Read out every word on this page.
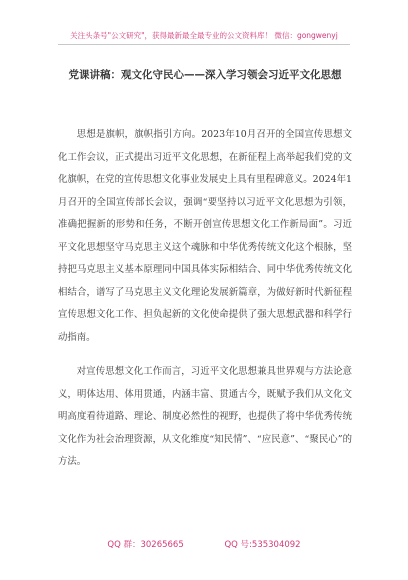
关注头条号"公文研究"，获得最新最全最专业的公文资料库！ 微信：gongwenyj
党课讲稿：观文化守民心——深入学习领会习近平文化思想

思想是旗帜，旗帜指引方向。2023年10月召开的全国宣传思想文化工作会议，正式提出习近平文化思想，在新征程上高举起我们党的文化旗帜，在党的宣传思想文化事业发展史上具有里程碑意义。2024年1月召开的全国宣传部长会议，强调“要坚持以习近平文化思想为引领，准确把握新的形势和任务，不断开创宣传思想文化工作新局面”。习近平文化思想坚守马克思主义这个魂脉和中华优秀传统文化这个根脉，坚持把马克思主义基本原理同中国具体实际相结合、同中华优秀传统文化相结合，谱写了马克思主义文化理论发展新篇章，为做好新时代新征程宣传思想文化工作、担负起新的文化使命提供了强大思想武器和科学行动指南。

对宣传思想文化工作而言，习近平文化思想兼具世界观与方法论意义，明体达用、体用贯通，内涵丰富、贯通古今，既赋予我们从文化文明高度看待道路、理论、制度必然性的视野，也提供了将中华优秀传统文化作为社会治理资源，从文化维度“知民情”、“应民意”、“聚民心”的方法。

QQ 群：30265665	QQ 号:535304092
